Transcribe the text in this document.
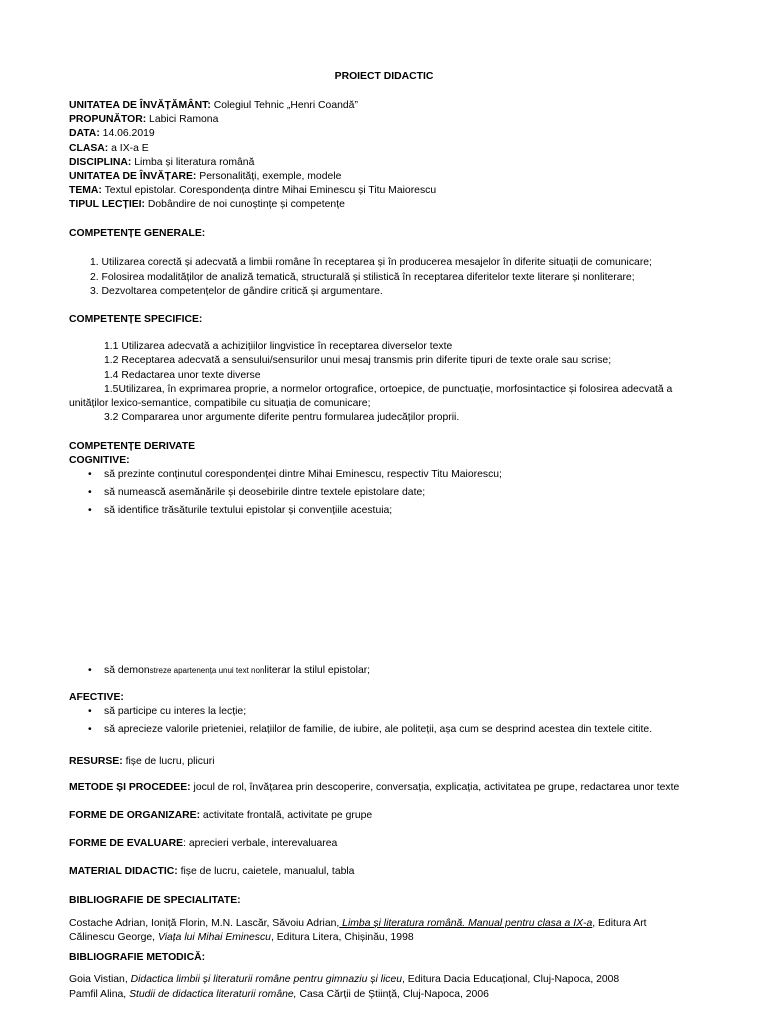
PROIECT DIDACTIC
UNITATEA DE ÎNVĂȚĂMÂNT: Colegiul Tehnic „Henri Coandă”
PROPUNĂTOR: Labici Ramona
DATA: 14.06.2019
CLASA: a IX-a E
DISCIPLINA: Limba și literatura română
UNITATEA DE ÎNVĂȚARE: Personalități, exemple, modele
TEMA: Textul epistolar. Corespondența dintre Mihai Eminescu și Titu Maiorescu
TIPUL LECȚIEI: Dobândire de noi cunoștințe și competențe
COMPETENȚE GENERALE:
1. Utilizarea corectă și adecvată a limbii române în receptarea și în producerea mesajelor în diferite situații de comunicare;
2. Folosirea modalităților de analiză tematică, structurală și stilistică în receptarea diferitelor texte literare și nonliterare;
3. Dezvoltarea competențelor de gândire critică și argumentare.
COMPETENȚE SPECIFICE:
1.1 Utilizarea adecvată a achizițiilor lingvistice în receptarea diverselor texte
1.2 Receptarea adecvată a sensului/sensurilor unui mesaj transmis prin diferite tipuri de texte orale sau scrise;
1.4 Redactarea unor texte diverse
1.5Utilizarea, în exprimarea proprie, a normelor ortografice, ortoepice, de punctuație, morfosintactice și folosirea adecvată a
unităților lexico-semantice, compatibile cu situația de comunicare;
3.2 Compararea unor argumente diferite pentru formularea judecăților proprii.
COMPETENȚE DERIVATE
COGNITIVE:
• să prezinte conținutul corespondenței dintre Mihai Eminescu, respectiv Titu Maiorescu;
• să numească asemănările și deosebirile dintre textele epistolare date;
• să identifice trăsăturile textului epistolar și convențiile acestuia;
• să demonstreze apartenența unui text nonliterar la stilul epistolar;
AFECTIVE:
• să participe cu interes la lecție;
• să aprecieze valorile prieteniei, relațiilor de familie, de iubire, ale politeții, așa cum se desprind acestea din textele citite.
RESURSE: fișe de lucru, plicuri
METODE ȘI PROCEDEE: jocul de rol, învățarea prin descoperire, conversația, explicația, activitatea pe grupe, redactarea unor texte
FORME DE ORGANIZARE: activitate frontală, activitate pe grupe
FORME DE EVALUARE: aprecieri verbale, interevaluarea
MATERIAL DIDACTIC: fișe de lucru, caietele, manualul, tabla
BIBLIOGRAFIE DE SPECIALITATE:
Costache Adrian, Ioniță Florin, M.N. Lascăr, Săvoiu Adrian, Limba și literatura română. Manual pentru clasa a IX-a, Editura Art
Călinescu George, Viața lui Mihai Eminescu, Editura Litera, Chișinău, 1998
BIBLIOGRAFIE METODICĂ:
Goia Vistian, Didactica limbii și literaturii române pentru gimnaziu și liceu, Editura Dacia Educațional, Cluj-Napoca, 2008
Pamfil Alina, Studii de didactica literaturii române, Casa Cărții de Știință, Cluj-Napoca, 2006
